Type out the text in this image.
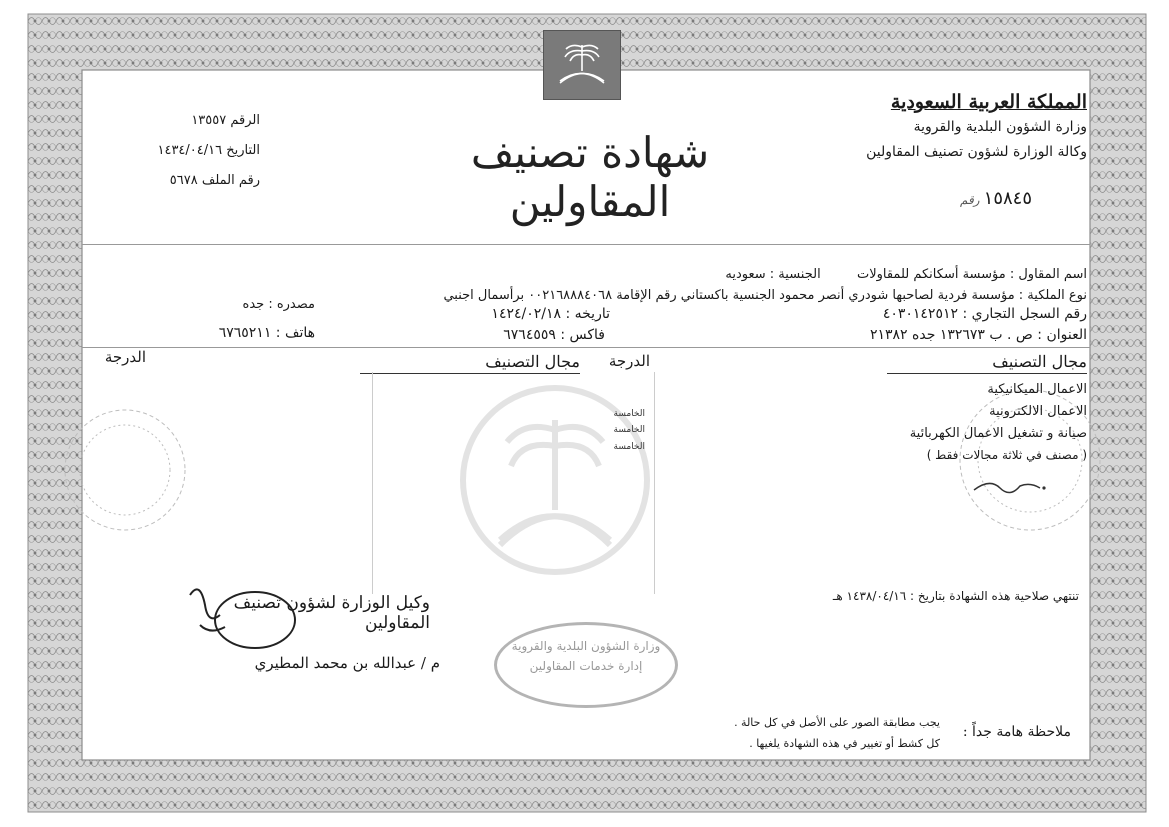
المملكة العربية السعودية
وزارة الشؤون البلدية والقروية
وكالة الوزارة لشؤون تصنيف المقاولين
شهادة تصنيف المقاولين
الرقم ١٣٥٥٧
التاريخ ١٤٣٤/٠٤/١٦
رقم الملف ٥٦٧٨
١٥٨٤٥ رقم
اسم المقاول : مؤسسة أسكانكم للمقاولات  الجنسية : سعوديه
نوع الملكية : مؤسسة فردية لصاحبها شودري أنصر محمود الجنسية باكستاني رقم الإقامة ٠٠٢١٦٨٨٨٤٠٦٨ برأسمال اجنبي
رقم السجل التجاري : ٤٠٣٠١٤٢٥١٢
تاريخه : ١٤٢٤/٠٢/١٨
مصدره : جده
العنوان : ص . ب ١٣٢٦٧٣ جده ٢١٣٨٢
فاكس : ٦٧٦٤٥٥٩
هاتف : ٦٧٦٥٢١١
مجال التصنيف
الدرجة
مجال التصنيف
الدرجة
الاعمال الميكانيكية
الاعمال الالكترونية
صيانة و تشغيل الاعمال الكهربائية
( مصنف في ثلاثة مجالات فقط )
الخامسة
الخامسة
الخامسة
تنتهي صلاحية هذه الشهادة بتاريخ : ١٤٣٨/٠٤/١٦ هـ
وكيل الوزارة لشؤون تصنيف المقاولين
م / عبدالله بن محمد المطيري
وزارة الشؤون البلدية والقروية
إدارة خدمات المقاولين
ملاحظة هامة جداً :
يجب مطابقة الصور على الأصل في كل حالة .
كل كشط أو تغيير في هذه الشهادة يلغيها .
